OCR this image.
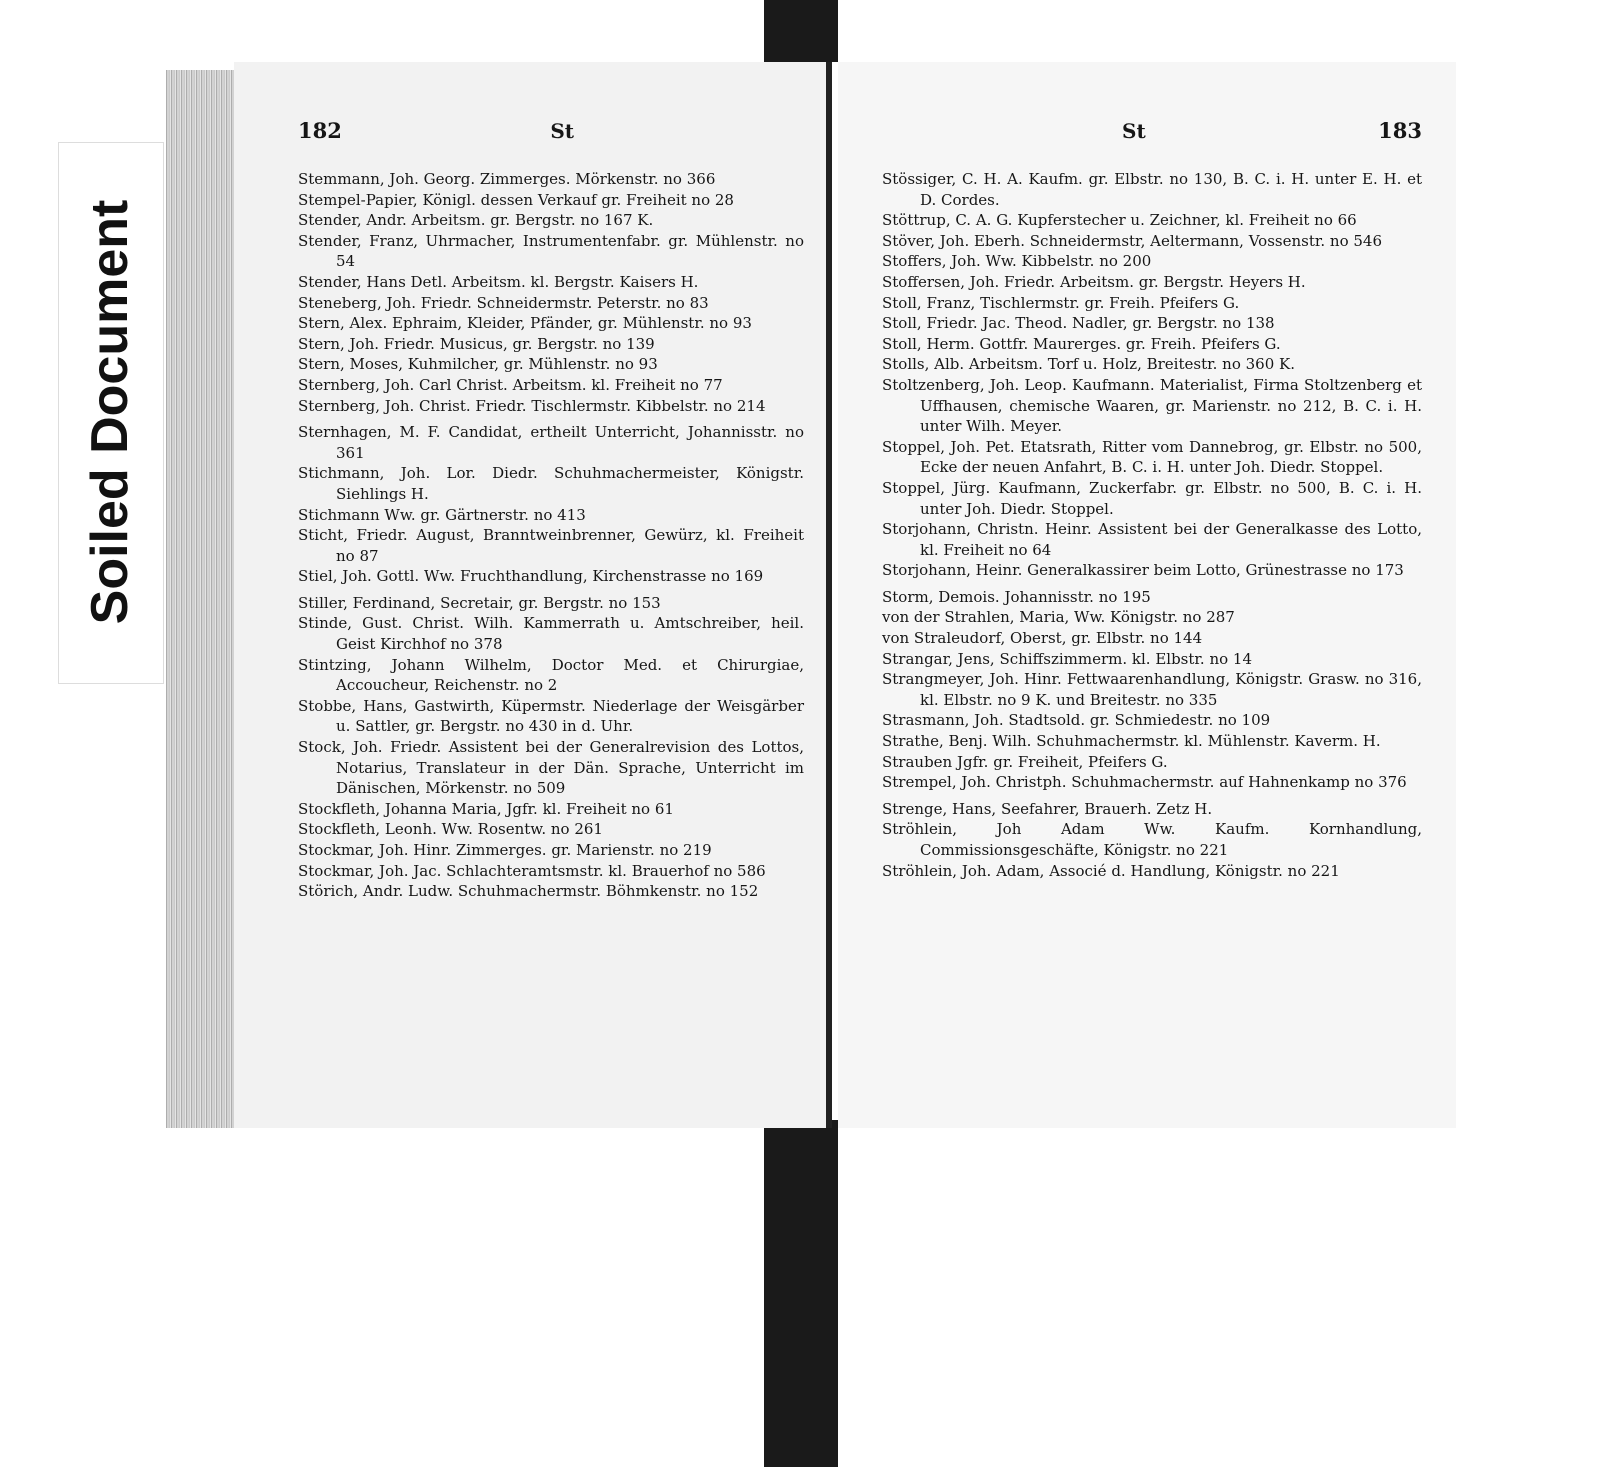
Soiled Document
182	St

Stemmann, Joh. Georg. Zimmerges. Mörkenstr. no 366

Stempel-Papier, Königl. dessen Verkauf gr. Freiheit no 28

Stender, Andr. Arbeitsm. gr. Bergstr. no 167 K.

Stender, Franz, Uhrmacher, Instrumentenfabr. gr. Mühlenstr. no 54

Stender, Hans Detl. Arbeitsm. kl. Bergstr. Kaisers H.

Steneberg, Joh. Friedr. Schneidermstr. Peterstr. no 83

Stern, Alex. Ephraim, Kleider, Pfänder, gr. Mühlenstr. no 93

Stern, Joh. Friedr. Musicus, gr. Bergstr. no 139

Stern, Moses, Kuhmilcher, gr. Mühlenstr. no 93

Sternberg, Joh. Carl Christ. Arbeitsm. kl. Freiheit no 77

Sternberg, Joh. Christ. Friedr. Tischlermstr. Kibbelstr. no 214

Sternhagen, M. F. Candidat, ertheilt Unterricht, Johannisstr. no 361

Stichmann, Joh. Lor. Diedr. Schuhmachermeister, Königstr. Siehlings H.

Stichmann Ww. gr. Gärtnerstr. no 413

Sticht, Friedr. August, Branntweinbrenner, Gewürz, kl. Freiheit no 87

Stiel, Joh. Gottl. Ww. Fruchthandlung, Kirchenstrasse no 169

Stiller, Ferdinand, Secretair, gr. Bergstr. no 153

Stinde, Gust. Christ. Wilh. Kammerrath u. Amtschreiber, heil. Geist Kirchhof no 378

Stintzing, Johann Wilhelm, Doctor Med. et Chirurgiae, Accoucheur, Reichenstr. no 2

Stobbe, Hans, Gastwirth, Küpermstr. Niederlage der Weisgärber u. Sattler, gr. Bergstr. no 430 in d. Uhr.

Stock, Joh. Friedr. Assistent bei der Generalrevision des Lottos, Notarius, Translateur in der Dän. Sprache, Unterricht im Dänischen, Mörkenstr. no 509

Stockfleth, Johanna Maria, Jgfr. kl. Freiheit no 61

Stockfleth, Leonh. Ww. Rosentw. no 261

Stockmar, Joh. Hinr. Zimmerges. gr. Marienstr. no 219

Stockmar, Joh. Jac. Schlachteramtsmstr. kl. Brauerhof no 586

Störich, Andr. Ludw. Schuhmachermstr. Böhmkenstr. no 152

St	183

Stössiger, C. H. A. Kaufm. gr. Elbstr. no 130, B. C. i. H. unter E. H. et D. Cordes.

Stöttrup, C. A. G. Kupferstecher u. Zeichner, kl. Freiheit no 66

Stöver, Joh. Eberh. Schneidermstr, Aeltermann, Vossenstr. no 546

Stoffers, Joh. Ww. Kibbelstr. no 200

Stoffersen, Joh. Friedr. Arbeitsm. gr. Bergstr. Heyers H.

Stoll, Franz, Tischlermstr. gr. Freih. Pfeifers G.

Stoll, Friedr. Jac. Theod. Nadler, gr. Bergstr. no 138

Stoll, Herm. Gottfr. Maurerges. gr. Freih. Pfeifers G.

Stolls, Alb. Arbeitsm. Torf u. Holz, Breitestr. no 360 K.

Stoltzenberg, Joh. Leop. Kaufmann. Materialist, Firma Stoltzenberg et Uffhausen, chemische Waaren, gr. Marienstr. no 212, B. C. i. H. unter Wilh. Meyer.

Stoppel, Joh. Pet. Etatsrath, Ritter vom Dannebrog, gr. Elbstr. no 500, Ecke der neuen Anfahrt, B. C. i. H. unter Joh. Diedr. Stoppel.

Stoppel, Jürg. Kaufmann, Zuckerfabr. gr. Elbstr. no 500, B. C. i. H. unter Joh. Diedr. Stoppel.

Storjohann, Christn. Heinr. Assistent bei der Generalkasse des Lotto, kl. Freiheit no 64

Storjohann, Heinr. Generalkassirer beim Lotto, Grünestrasse no 173

Storm, Demois. Johannisstr. no 195

von der Strahlen, Maria, Ww. Königstr. no 287

von Straleudorf, Oberst, gr. Elbstr. no 144

Strangar, Jens, Schiffszimmerm. kl. Elbstr. no 14

Strangmeyer, Joh. Hinr. Fettwaarenhandlung, Königstr. Grasw. no 316, kl. Elbstr. no 9 K. und Breitestr. no 335

Strasmann, Joh. Stadtsold. gr. Schmiedestr. no 109

Strathe, Benj. Wilh. Schuhmachermstr. kl. Mühlenstr. Kaverm. H.

Strauben Jgfr. gr. Freiheit, Pfeifers G.

Strempel, Joh. Christph. Schuhmachermstr. auf Hahnenkamp no 376

Strenge, Hans, Seefahrer, Brauerh. Zetz H.

Ströhlein, Joh Adam Ww. Kaufm. Kornhandlung, Commissionsgeschäfte, Königstr. no 221

Ströhlein, Joh. Adam, Associé d. Handlung, Königstr. no 221
